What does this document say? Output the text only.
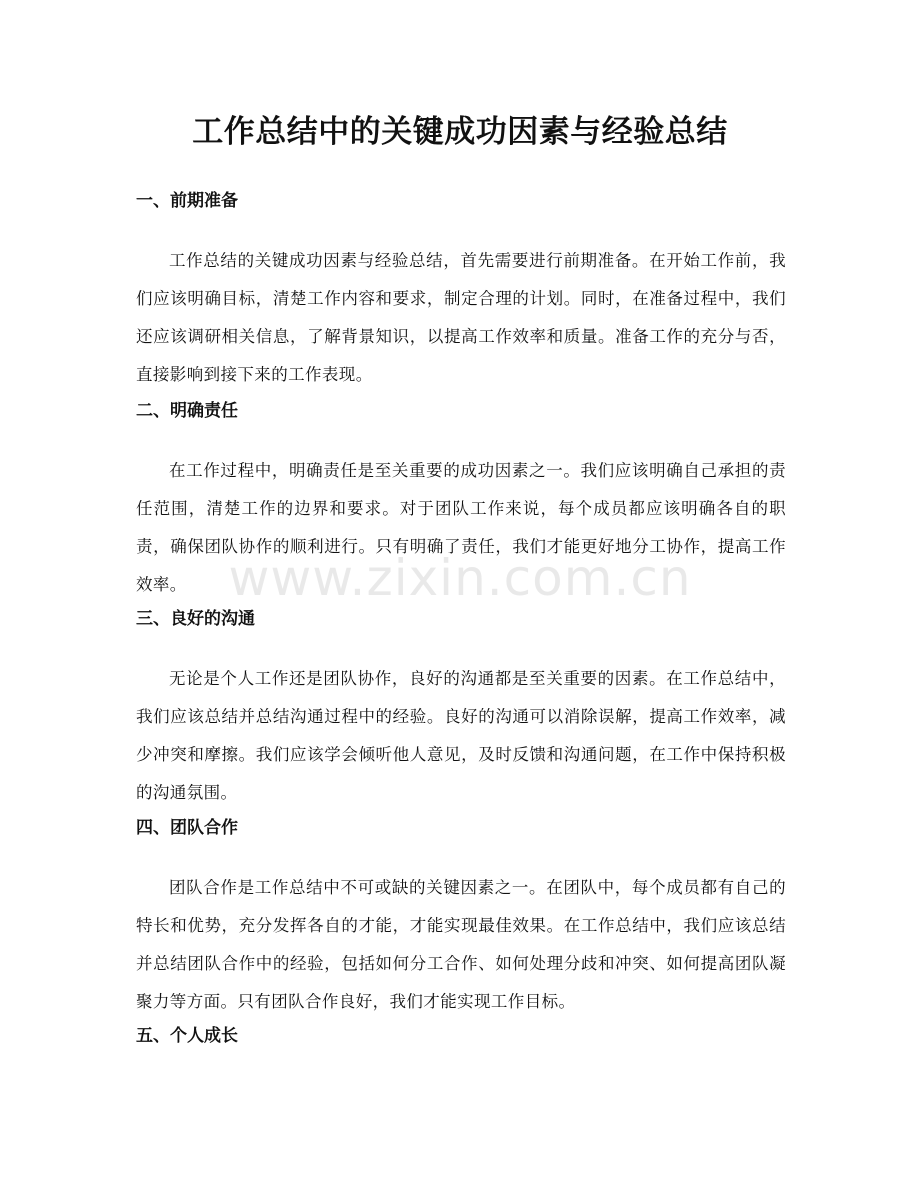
工作总结中的关键成功因素与经验总结
一、前期准备

工作总结的关键成功因素与经验总结，首先需要进行前期准备。在开始工作前，我们应该明确目标，清楚工作内容和要求，制定合理的计划。同时，在准备过程中，我们还应该调研相关信息，了解背景知识，以提高工作效率和质量。准备工作的充分与否，直接影响到接下来的工作表现。

二、明确责任

在工作过程中，明确责任是至关重要的成功因素之一。我们应该明确自己承担的责任范围，清楚工作的边界和要求。对于团队工作来说，每个成员都应该明确各自的职责，确保团队协作的顺利进行。只有明确了责任，我们才能更好地分工协作，提高工作效率。

三、良好的沟通

无论是个人工作还是团队协作，良好的沟通都是至关重要的因素。在工作总结中，我们应该总结并总结沟通过程中的经验。良好的沟通可以消除误解，提高工作效率，减少冲突和摩擦。我们应该学会倾听他人意见，及时反馈和沟通问题，在工作中保持积极的沟通氛围。

四、团队合作

团队合作是工作总结中不可或缺的关键因素之一。在团队中，每个成员都有自己的特长和优势，充分发挥各自的才能，才能实现最佳效果。在工作总结中，我们应该总结并总结团队合作中的经验，包括如何分工合作、如何处理分歧和冲突、如何提高团队凝聚力等方面。只有团队合作良好，我们才能实现工作目标。

五、个人成长
www.zixin.com.cn
